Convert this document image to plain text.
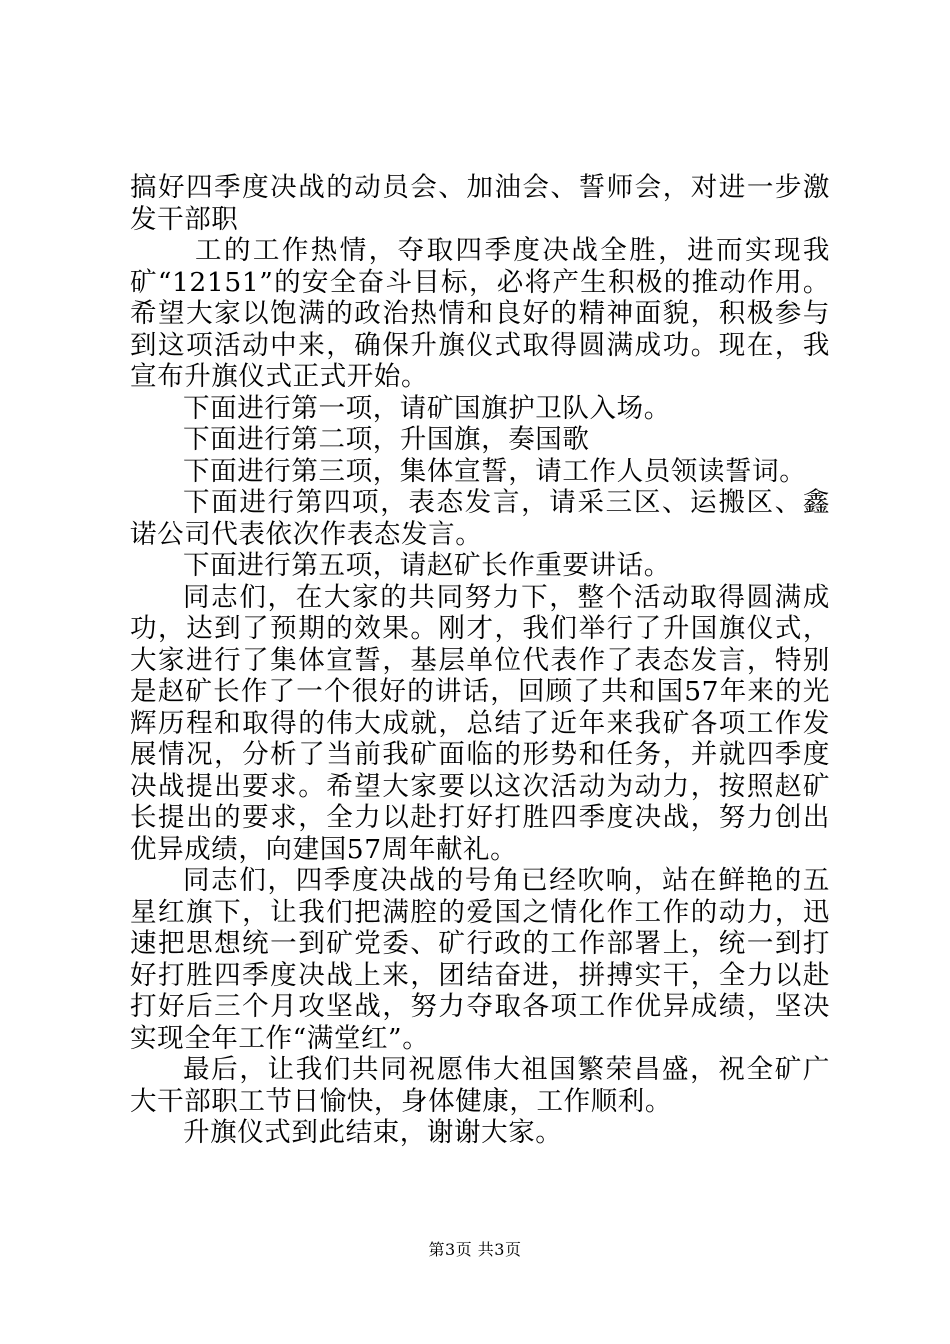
搞好四季度决战的动员会、加油会、誓师会，对进一步激发干部职

工的工作热情，夺取四季度决战全胜，进而实现我矿“12151”的安全奋斗目标，必将产生积极的推动作用。希望大家以饱满的政治热情和良好的精神面貌，积极参与到这项活动中来，确保升旗仪式取得圆满成功。现在，我宣布升旗仪式正式开始。

下面进行第一项，请矿国旗护卫队入场。

下面进行第二项，升国旗，奏国歌

下面进行第三项，集体宣誓，请工作人员领读誓词。

下面进行第四项，表态发言，请采三区、运搬区、鑫诺公司代表依次作表态发言。

下面进行第五项，请赵矿长作重要讲话。

同志们，在大家的共同努力下，整个活动取得圆满成功，达到了预期的效果。刚才，我们举行了升国旗仪式，大家进行了集体宣誓，基层单位代表作了表态发言，特别是赵矿长作了一个很好的讲话，回顾了共和国57年来的光辉历程和取得的伟大成就，总结了近年来我矿各项工作发展情况，分析了当前我矿面临的形势和任务，并就四季度决战提出要求。希望大家要以这次活动为动力，按照赵矿长提出的要求，全力以赴打好打胜四季度决战，努力创出优异成绩，向建国57周年献礼。

同志们，四季度决战的号角已经吹响，站在鲜艳的五星红旗下，让我们把满腔的爱国之情化作工作的动力，迅速把思想统一到矿党委、矿行政的工作部署上，统一到打好打胜四季度决战上来，团结奋进，拼搏实干，全力以赴打好后三个月攻坚战，努力夺取各项工作优异成绩，坚决实现全年工作“满堂红”。

最后，让我们共同祝愿伟大祖国繁荣昌盛，祝全矿广大干部职工节日愉快，身体健康，工作顺利。

升旗仪式到此结束，谢谢大家。

第3页 共3页
